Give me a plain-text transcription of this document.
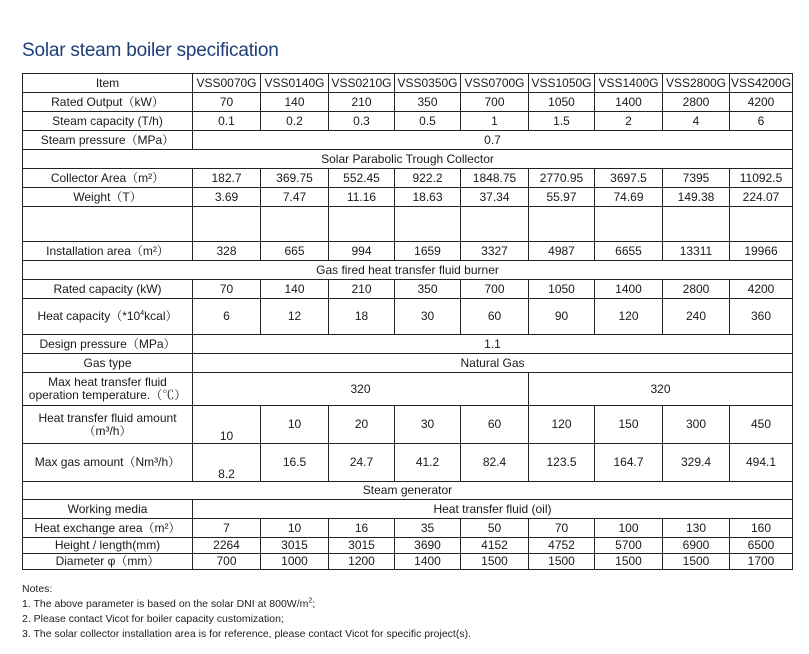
Solar steam boiler specification
Item	VSS0070G	VSS0140G	VSS0210G	VSS0350G	VSS0700G	VSS1050G	VSS1400G	VSS2800G	VSS4200G
Rated Output（kW）	70	140	210	350	700	1050	1400	2800	4200
Steam capacity (T/h)	0.1	0.2	0.3	0.5	1	1.5	2	4	6
Steam pressure（MPa）	0.7								
Solar Parabolic Trough Collector									
Collector Area（m²）	182.7	369.75	552.45	922.2	1848.75	2770.95	3697.5	7395	11092.5
Weight（T）	3.69	7.47	11.16	18.63	37.34	55.97	74.69	149.38	224.07

Installation area（m²）	328	665	994	1659	3327	4987	6655	13311	19966
Gas fired heat transfer fluid burner									
Rated capacity (kW)	70	140	210	350	700	1050	1400	2800	4200
Heat $capacity(*10^4kcal)$	6	12	18	30	60	90	120	240	360
Design pressure（MPa）	1.1								
Gas type	Natural Gas								

Max heat transfer fluid
operation temperature.（℃）	320					320			

Heat transfer fluid amount
（m³/h）	10	10	20	30	60	120	150	300	450
Max gas amount（Nm³/h）	8.2	16.5	24.7	41.2	82.4	123.5	164.7	329.4	494.1
Steam generator									
Working media	Heat transfer fluid (oil)								
Heat exchange area（m²）	7	10	16	35	50	70	100	130	160
Height / length(mm)	2264	3015	3015	3690	4152	4752	5700	6900	6500
Diameter φ（mm）	700	1000	1200	1400	1500	1500	1500	1500	1700
Notes:
1. The above parameter is based on the solar DNI at $800W/m^2$;
2. Please contact Vicot for boiler capacity customization;
3. The solar collector installation area is for reference, please contact Vicot for specific project(s).
